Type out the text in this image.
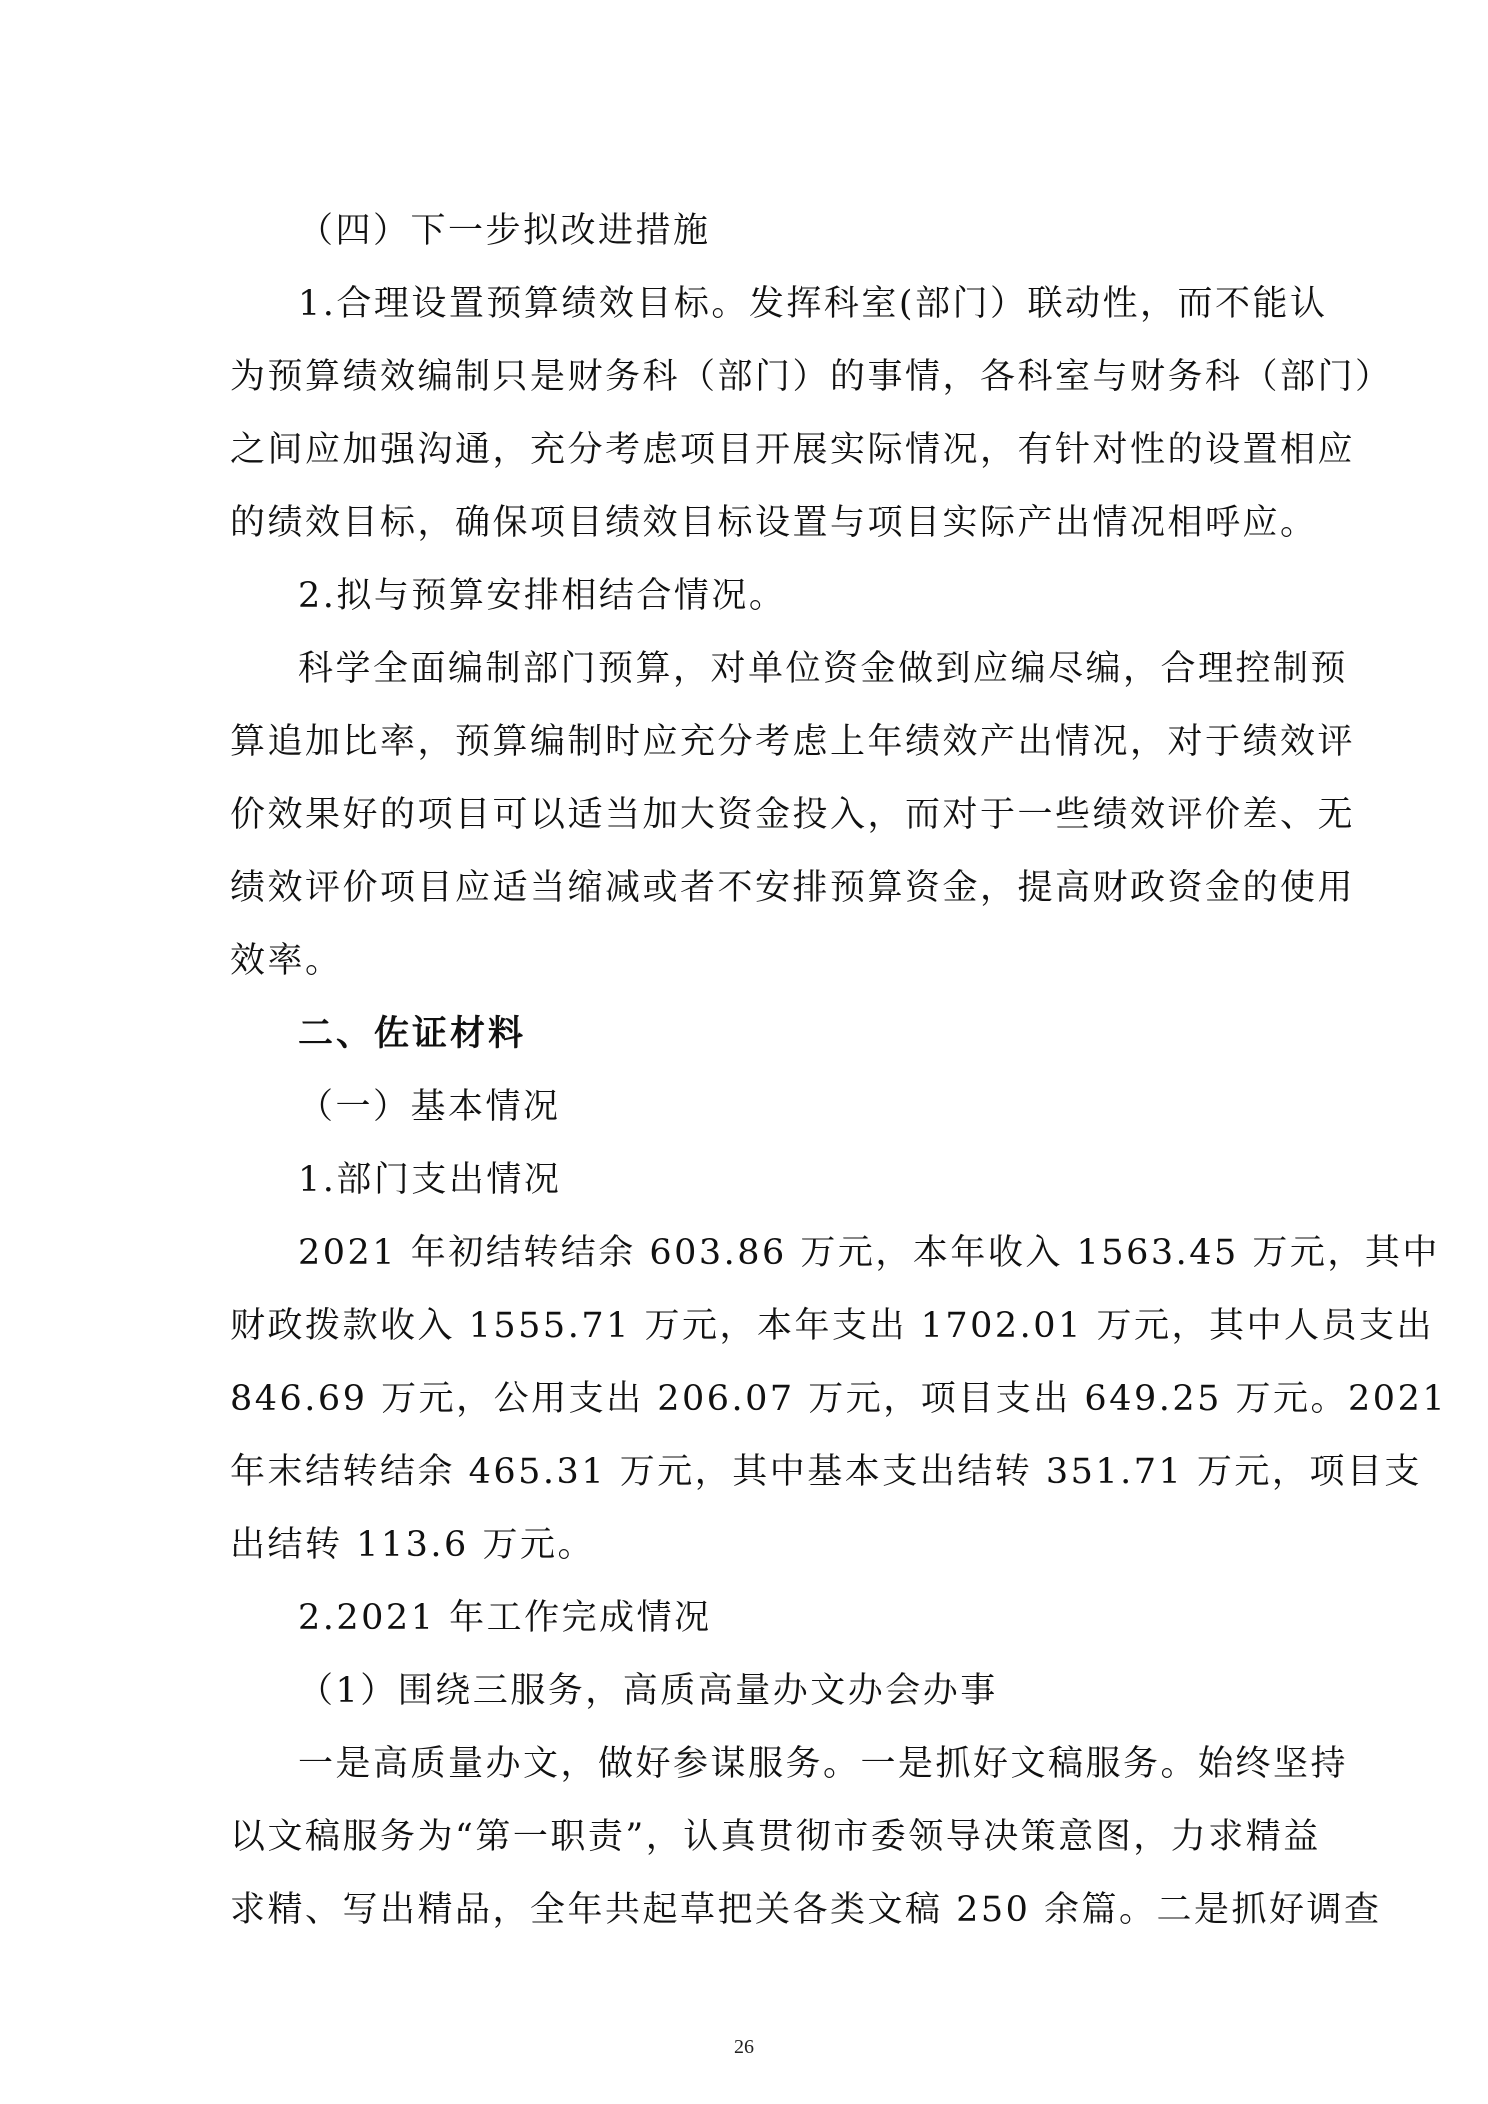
（四）下一步拟改进措施
1.合理设置预算绩效目标。发挥科室(部门）联动性，而不能认
为预算绩效编制只是财务科（部门）的事情，各科室与财务科（部门）
之间应加强沟通，充分考虑项目开展实际情况，有针对性的设置相应
的绩效目标，确保项目绩效目标设置与项目实际产出情况相呼应。
2.拟与预算安排相结合情况。
科学全面编制部门预算，对单位资金做到应编尽编，合理控制预
算追加比率，预算编制时应充分考虑上年绩效产出情况，对于绩效评
价效果好的项目可以适当加大资金投入，而对于一些绩效评价差、无
绩效评价项目应适当缩减或者不安排预算资金，提高财政资金的使用
效率。
二、佐证材料
（一）基本情况
1.部门支出情况
2021 年初结转结余 603.86 万元，本年收入 1563.45 万元，其中
财政拨款收入 1555.71 万元，本年支出 1702.01 万元，其中人员支出
846.69 万元，公用支出 206.07 万元，项目支出 649.25 万元。2021
年末结转结余 465.31 万元，其中基本支出结转 351.71 万元，项目支
出结转 113.6 万元。
2.2021 年工作完成情况
（1）围绕三服务，高质高量办文办会办事
一是高质量办文，做好参谋服务。一是抓好文稿服务。始终坚持
以文稿服务为“第一职责”，认真贯彻市委领导决策意图，力求精益
求精、写出精品，全年共起草把关各类文稿 250 余篇。二是抓好调查
26
